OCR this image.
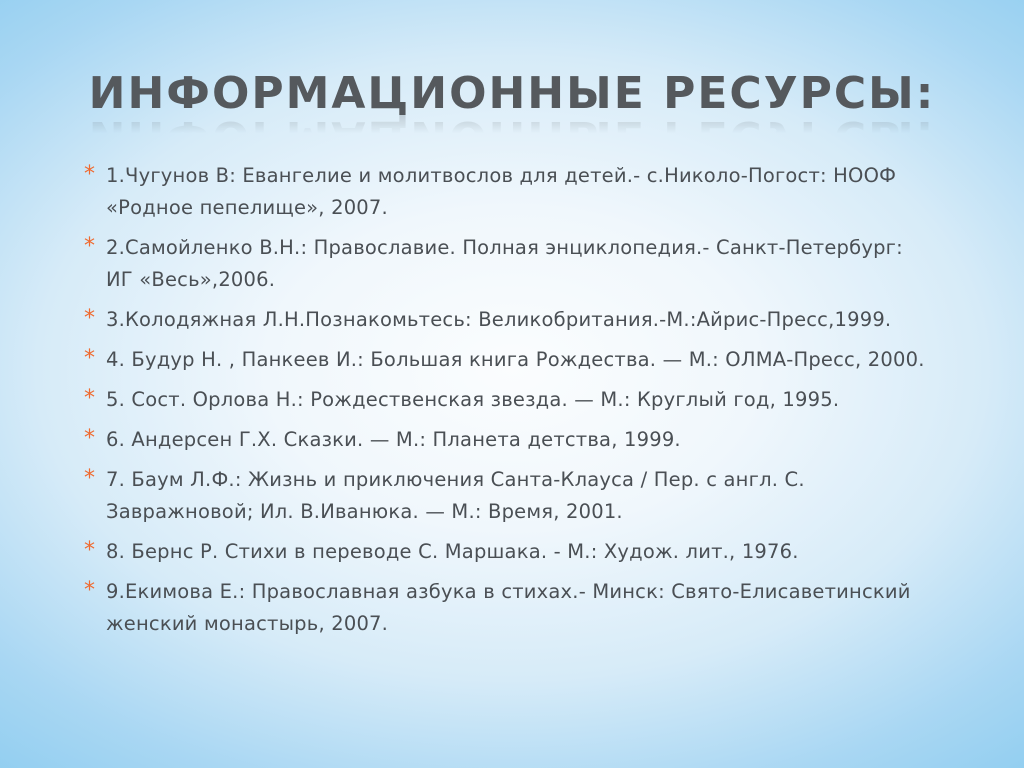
ИНФОРМАЦИОННЫЕ РЕСУРСЫ:
* 1.Чугунов В: Евангелие и молитвослов для детей.- с.Николо-Погост: НООФ «Родное пепелище», 2007.
* 2.Самойленко В.Н.: Православие. Полная энциклопедия.- Санкт-Петербург: ИГ «Весь»,2006.
* 3.Колодяжная Л.Н.Познакомьтесь: Великобритания.-М.:Айрис-Пресс,1999.
* 4. Будур Н. , Панкеев И.: Большая книга Рождества. — М.: ОЛМА-Пресс, 2000.
* 5. Сост. Орлова Н.: Рождественская звезда. — М.: Круглый год, 1995.
* 6. Андерсен Г.Х. Сказки. — М.: Планета детства, 1999.
* 7. Баум Л.Ф.: Жизнь и приключения Санта-Клауса / Пер. с англ. С. Завражновой; Ил. В.Иванюка. — М.: Время, 2001.
* 8. Бернс Р. Стихи в переводе С. Маршака. - М.: Худож. лит., 1976.
* 9.Екимова Е.: Православная азбука в стихах.- Минск: Свято-Елисаветинский женский монастырь, 2007.
